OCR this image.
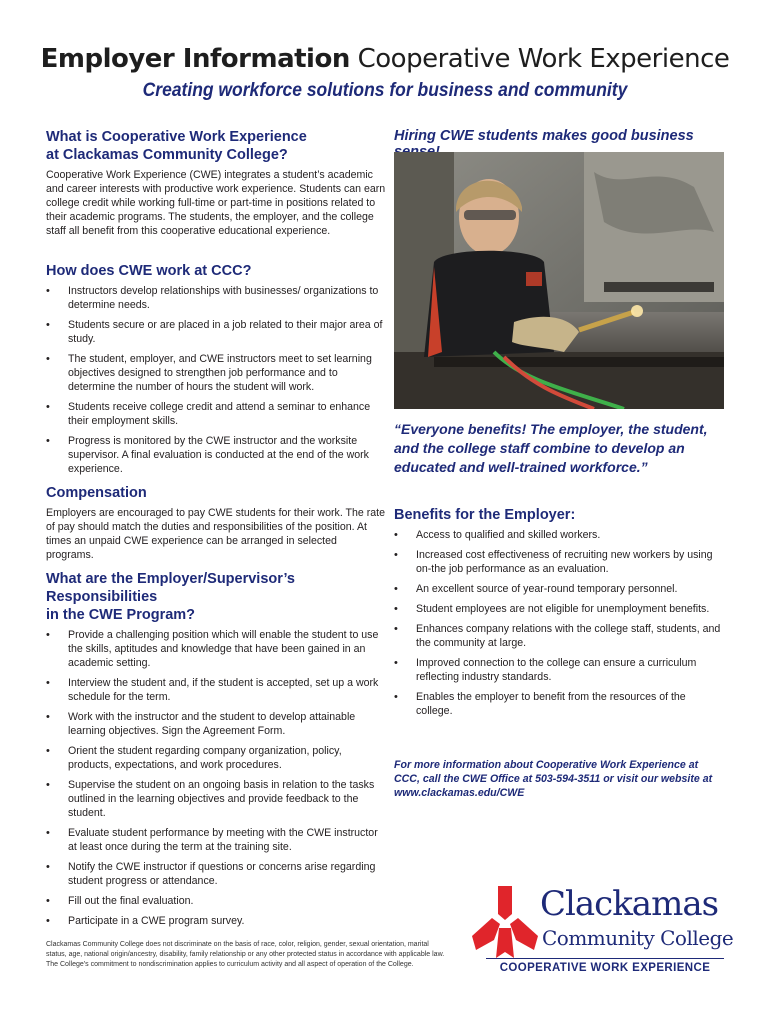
Employer Information Cooperative Work Experience

Creating workforce solutions for business and community

What is Cooperative Work Experience
at Clackamas Community College?

Cooperative Work Experience (CWE) integrates a student’s academic and career interests with productive work experience. Students can earn college credit while working full-time or part-time in positions related to their academic programs. The students, the employer, and the college staff all benefit from this cooperative educational experience.

How does CWE work at CCC?
• Instructors develop relationships with businesses/ organizations to determine needs.
• Students secure or are placed in a job related to their major area of study.
• The student, employer, and CWE instructors meet to set learning objectives designed to strengthen job performance and to determine the number of hours the student will work.
• Students receive college credit and attend a seminar to enhance their employment skills.
• Progress is monitored by the CWE instructor and the worksite supervisor. A final evaluation is conducted at the end of the work experience.
Compensation

Employers are encouraged to pay CWE students for their work. The rate of pay should match the duties and responsibilities of the position. At times an unpaid CWE experience can be arranged in selected programs.

What are the Employer/Supervisor’s Responsibilities
in the CWE Program?
• Provide a challenging position which will enable the student to use the skills, aptitudes and knowledge that have been gained in an academic setting.
• Interview the student and, if the student is accepted, set up a work schedule for the term.
• Work with the instructor and the student to develop attainable learning objectives. Sign the Agreement Form.
• Orient the student regarding company organization, policy, products, expectations, and work procedures.
• Supervise the student on an ongoing basis in relation to the tasks outlined in the learning objectives and provide feedback to the student.
• Evaluate student performance by meeting with the CWE instructor at least once during the term at the training site.
• Notify the CWE instructor if questions or concerns arise regarding student progress or attendance.
• Fill out the final evaluation.
• Participate in a CWE program survey.

Hiring CWE students makes good business

“Everyone benefits! The employer, the student, and the college staff combine to develop an educated and well-trained workforce.”

Benefits for the Employer:
• Access to qualified and skilled workers.
• Increased cost effectiveness of recruiting new workers by using on-the job performance as an evaluation.
• An excellent source of year-round temporary personnel.
• Student employees are not eligible for unemployment benefits.
• Enhances company relations with the college staff, students, and the community at large.
• Improved connection to the college can ensure a curriculum reflecting industry standards.
• Enables the employer to benefit from the resources of the college.

For more information about Cooperative Work Experience at CCC, call the CWE Office at 503-594-3511 or visit our website at www.clackamas.edu/CWE

Clackamas Community College does not discriminate on the basis of race, color, religion, gender, sexual orientation, marital status, age, national origin/ancestry, disability, family relationship or any other protected status in accordance with applicable law. The College’s commitment to nondiscrimination applies to curriculum activity and all aspect of operation of the College.

Clackamas
Community College
COOPERATIVE WORK EXPERIENCE
